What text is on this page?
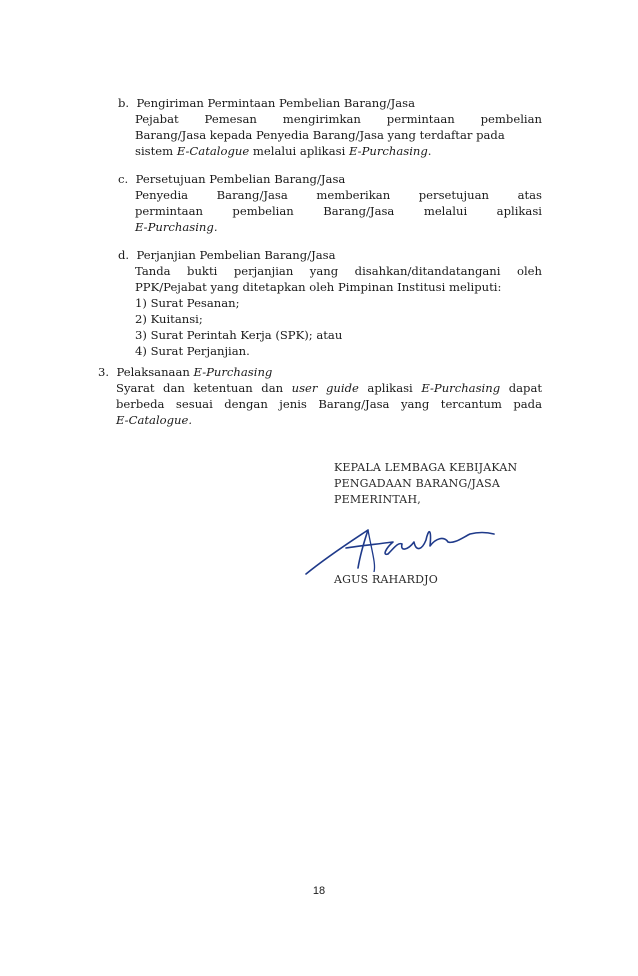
b. Pengiriman Permintaan Pembelian Barang/Jasa
Pejabat Pemesan mengirimkan permintaan pembelian
Barang/Jasa kepada Penyedia Barang/Jasa yang terdaftar pada
sistem E-Catalogue melalui aplikasi E-Purchasing.
c. Persetujuan Pembelian Barang/Jasa
Penyedia Barang/Jasa memberikan persetujuan atas
permintaan pembelian Barang/Jasa melalui aplikasi
E-Purchasing.
d. Perjanjian Pembelian Barang/Jasa
Tanda bukti perjanjian yang disahkan/ditandatangani oleh
PPK/Pejabat yang ditetapkan oleh Pimpinan Institusi meliputi:
1) Surat Pesanan;
2) Kuitansi;
3) Surat Perintah Kerja (SPK); atau
4) Surat Perjanjian.
3. Pelaksanaan E-Purchasing
Syarat dan ketentuan dan user guide aplikasi E-Purchasing dapat
berbeda sesuai dengan jenis Barang/Jasa yang tercantum pada
E-Catalogue.
KEPALA LEMBAGA KEBIJAKAN
PENGADAAN BARANG/JASA
PEMERINTAH,
AGUS RAHARDJO
18
